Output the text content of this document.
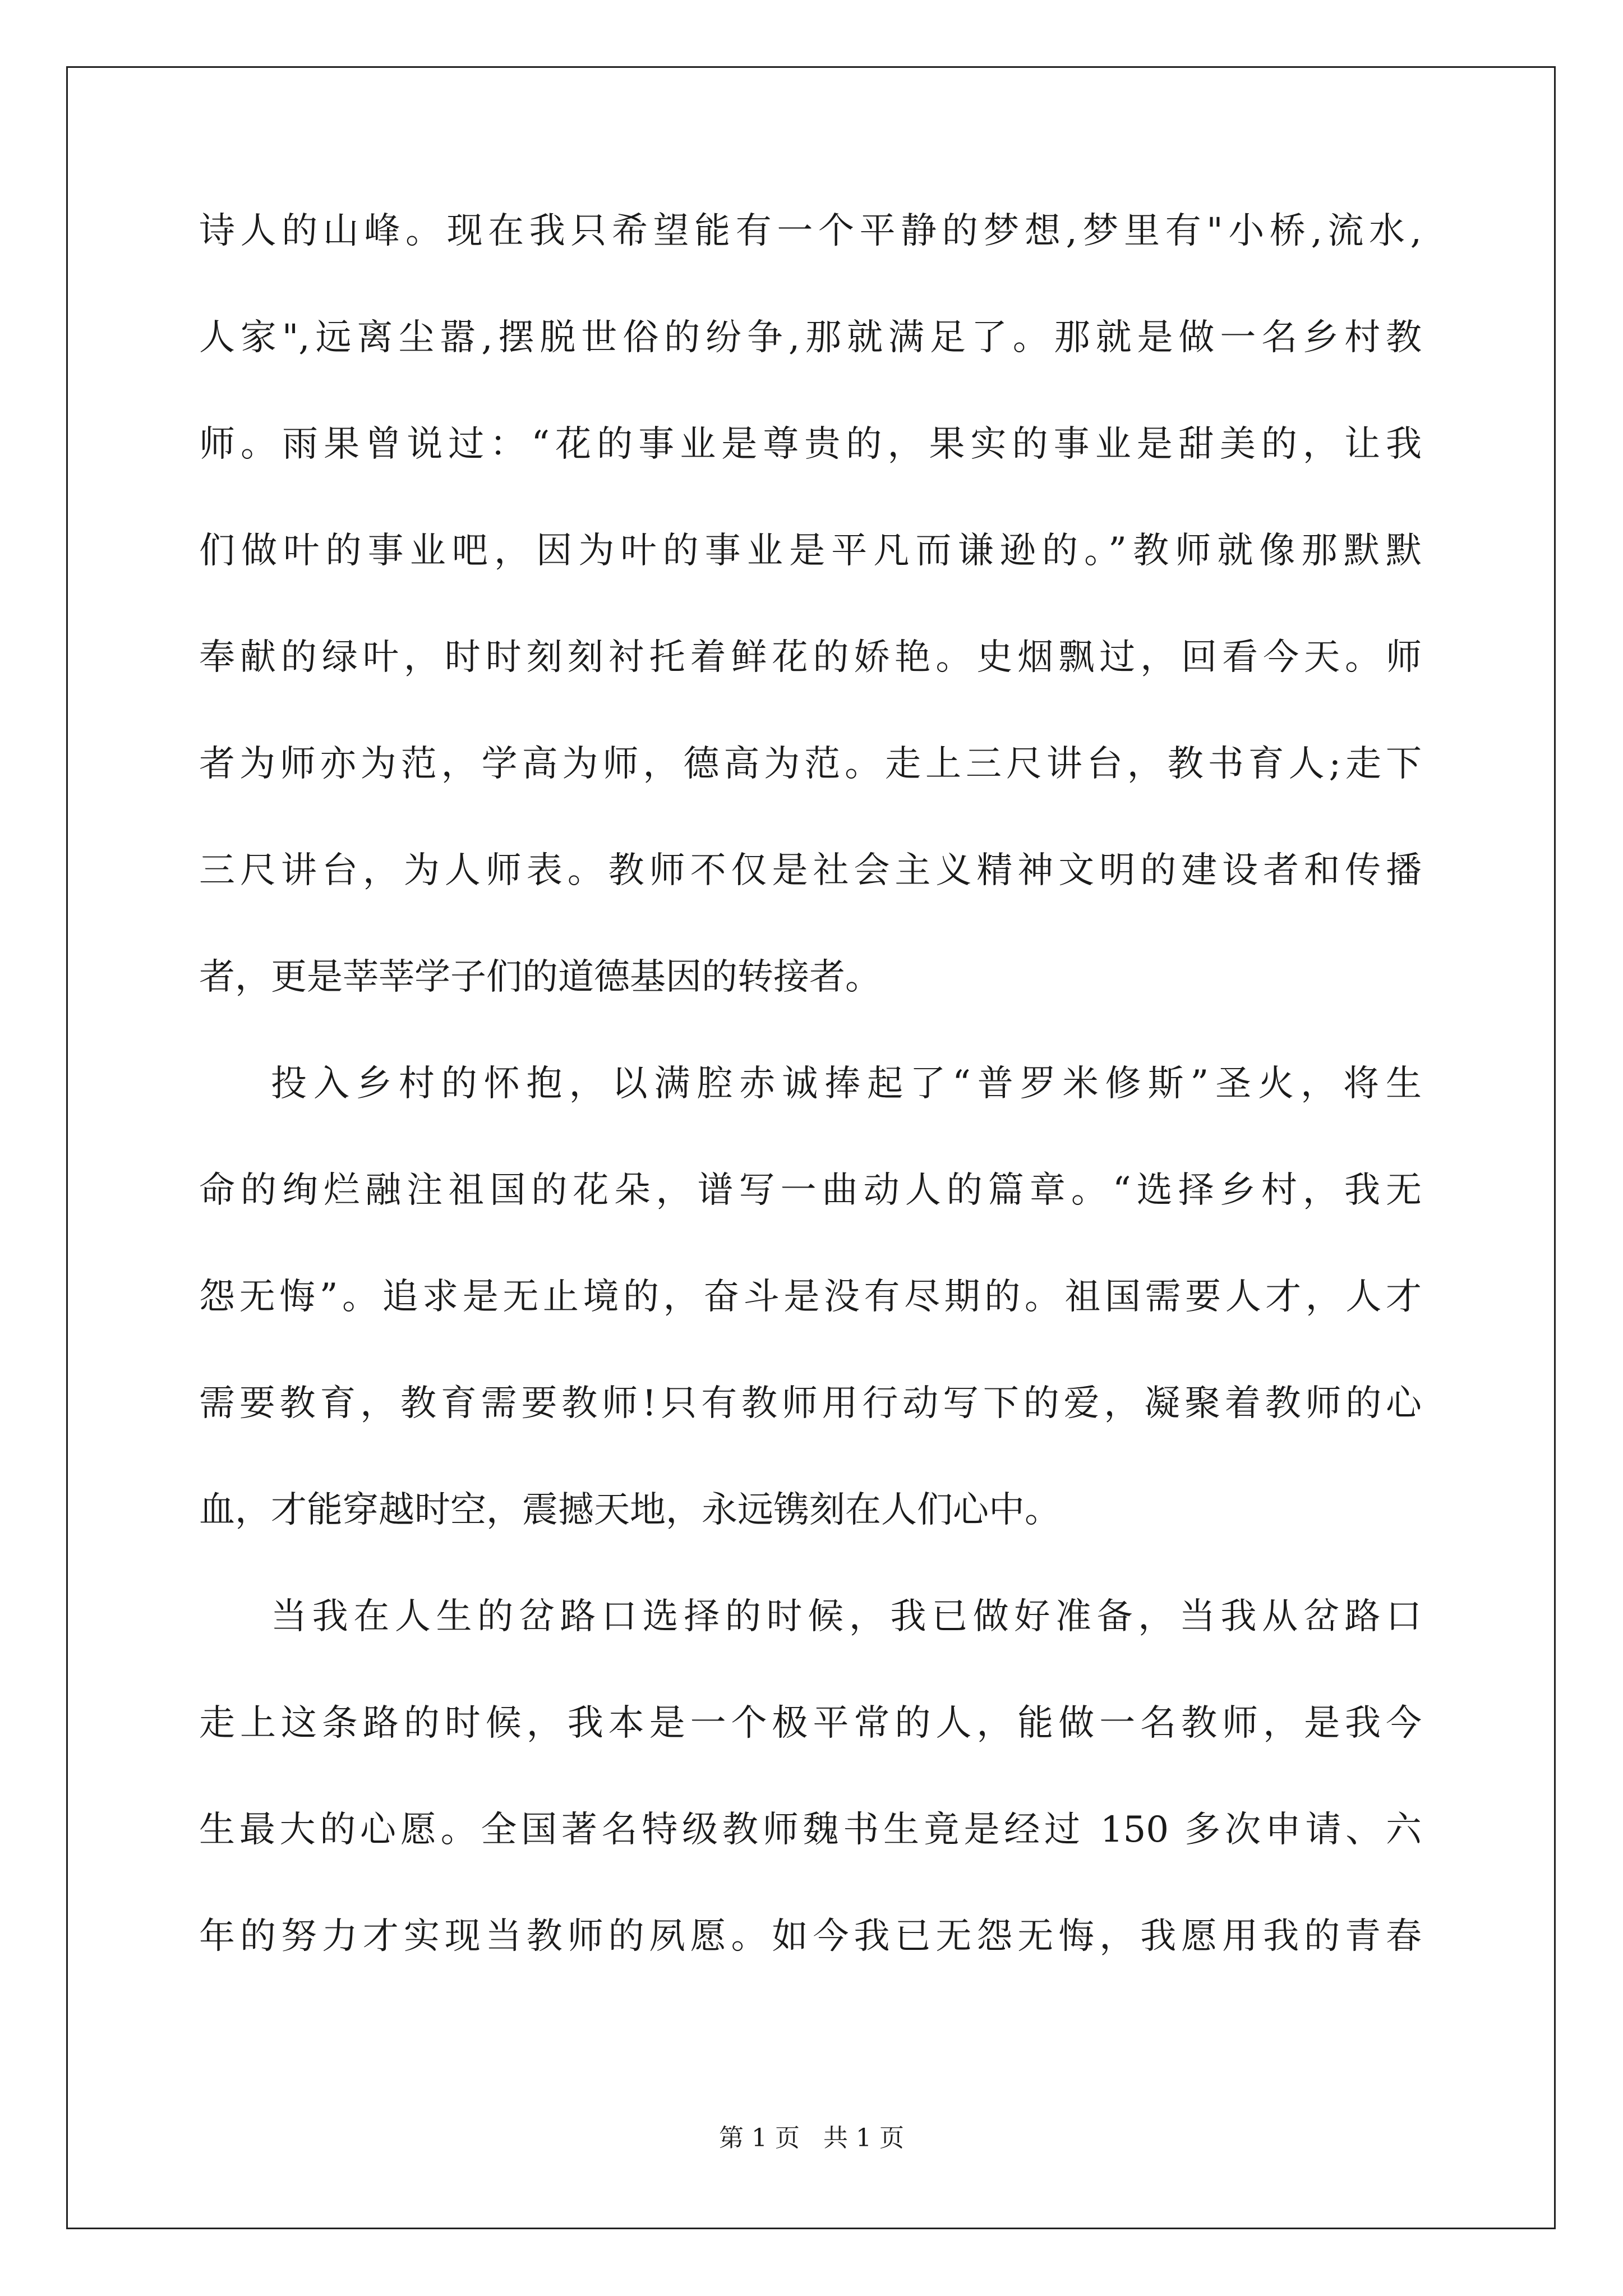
诗人的山峰。现在我只希望能有一个平静的梦想,梦里有"小桥,流水,
人家",远离尘嚣,摆脱世俗的纷争,那就满足了。那就是做一名乡村教
师。雨果曾说过：“花的事业是尊贵的，果实的事业是甜美的，让我
们做叶的事业吧，因为叶的事业是平凡而谦逊的。”教师就像那默默
奉献的绿叶，时时刻刻衬托着鲜花的娇艳。史烟飘过，回看今天。师
者为师亦为范，学高为师，德高为范。走上三尺讲台，教书育人;走下
三尺讲台，为人师表。教师不仅是社会主义精神文明的建设者和传播
者，更是莘莘学子们的道德基因的转接者。
投入乡村的怀抱，以满腔赤诚捧起了“普罗米修斯”圣火，将生
命的绚烂融注祖国的花朵，谱写一曲动人的篇章。“选择乡村，我无
怨无悔”。追求是无止境的，奋斗是没有尽期的。祖国需要人才，人才
需要教育，教育需要教师!只有教师用行动写下的爱，凝聚着教师的心
血，才能穿越时空，震撼天地，永远镌刻在人们心中。
当我在人生的岔路口选择的时候，我已做好准备，当我从岔路口
走上这条路的时候，我本是一个极平常的人，能做一名教师，是我今
生最大的心愿。全国著名特级教师魏书生竟是经过 150 多次申请、六
年的努力才实现当教师的夙愿。如今我已无怨无悔，我愿用我的青春
第 1 页   共 1 页
